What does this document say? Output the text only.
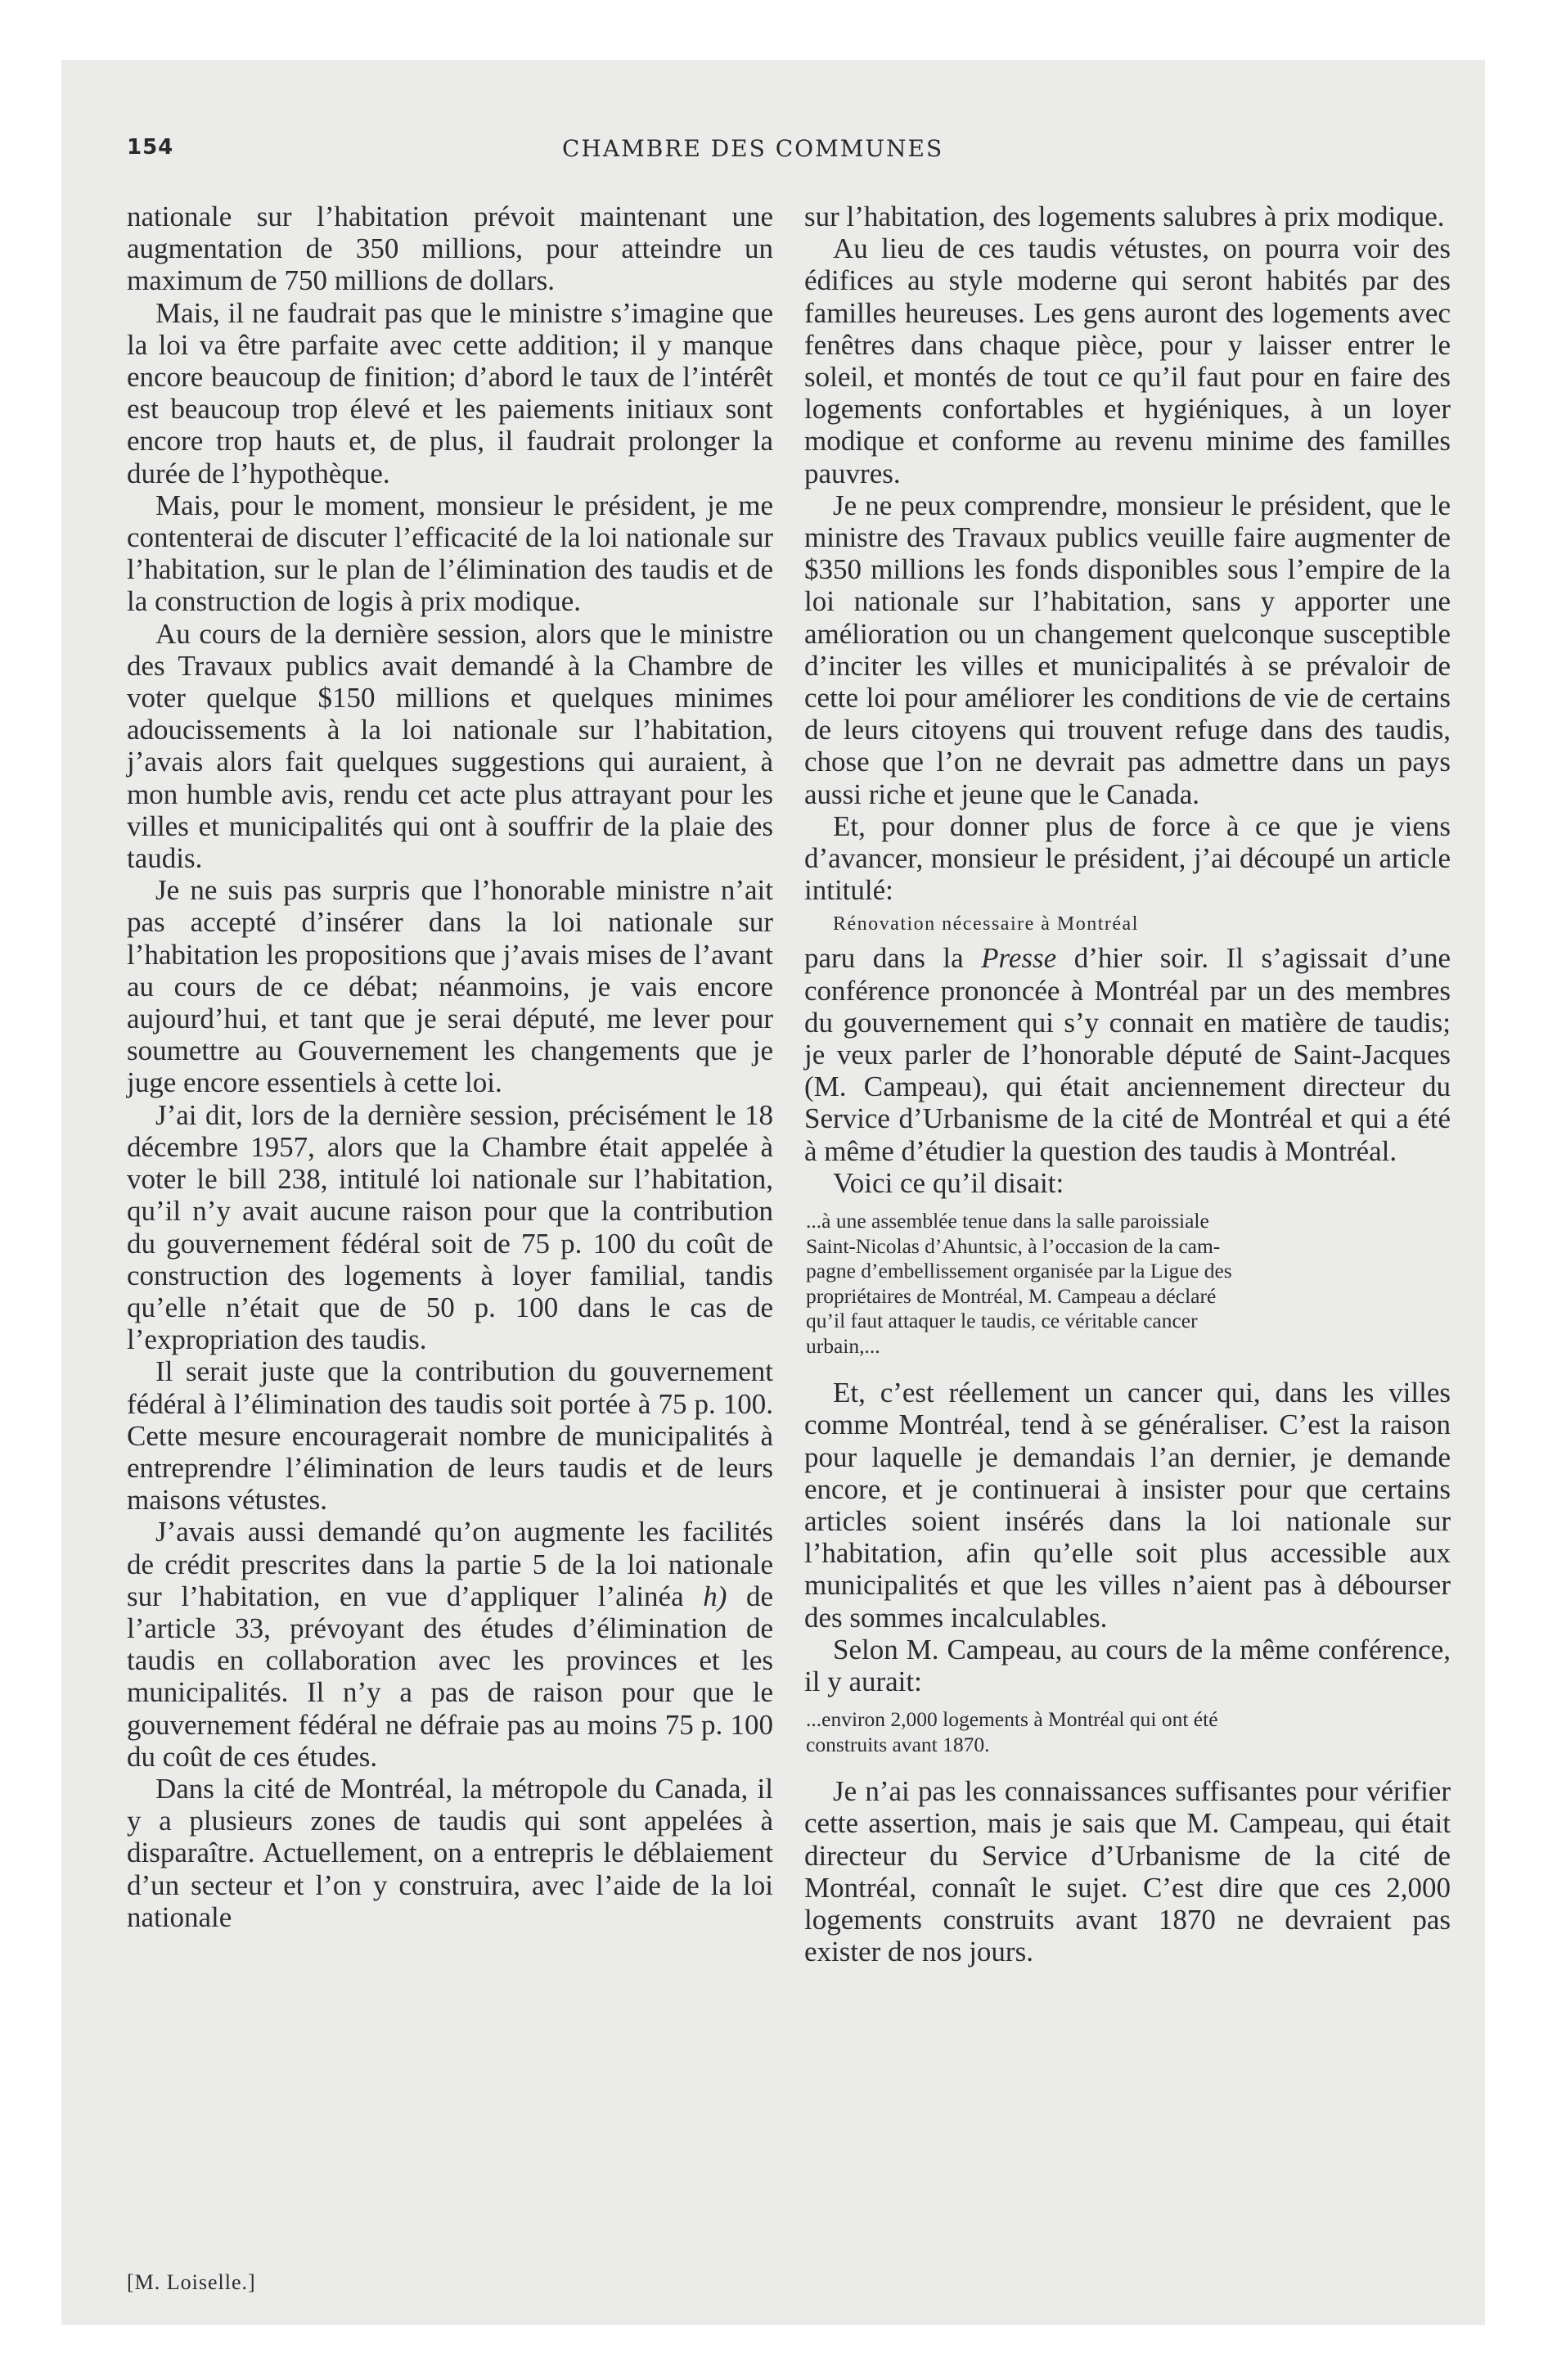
154	CHAMBRE DES COMMUNES

nationale sur l’habitation prévoit maintenant une augmentation de 350 millions, pour atteindre un maximum de 750 millions de dollars.

Mais, il ne faudrait pas que le ministre s’imagine que la loi va être parfaite avec cette addition; il y manque encore beaucoup de finition; d’abord le taux de l’intérêt est beaucoup trop élevé et les paiements initiaux sont encore trop hauts et, de plus, il faudrait prolonger la durée de l’hypothèque.

Mais, pour le moment, monsieur le président, je me contenterai de discuter l’efficacité de la loi nationale sur l’habitation, sur le plan de l’élimination des taudis et de la construction de logis à prix modique.

Au cours de la dernière session, alors que le ministre des Travaux publics avait demandé à la Chambre de voter quelque $150 millions et quelques minimes adoucissements à la loi nationale sur l’habitation, j’avais alors fait quelques suggestions qui auraient, à mon humble avis, rendu cet acte plus attrayant pour les villes et municipalités qui ont à souffrir de la plaie des taudis.

Je ne suis pas surpris que l’honorable ministre n’ait pas accepté d’insérer dans la loi nationale sur l’habitation les propositions que j’avais mises de l’avant au cours de ce débat; néanmoins, je vais encore aujourd’hui, et tant que je serai député, me lever pour soumettre au Gouvernement les changements que je juge encore essentiels à cette loi.

J’ai dit, lors de la dernière session, précisément le 18 décembre 1957, alors que la Chambre était appelée à voter le bill 238, intitulé loi nationale sur l’habitation, qu’il n’y avait aucune raison pour que la contribution du gouvernement fédéral soit de 75 p. 100 du coût de construction des logements à loyer familial, tandis qu’elle n’était que de 50 p. 100 dans le cas de l’expropriation des taudis.

Il serait juste que la contribution du gouvernement fédéral à l’élimination des taudis soit portée à 75 p. 100. Cette mesure encouragerait nombre de municipalités à entreprendre l’élimination de leurs taudis et de leurs maisons vétustes.

J’avais aussi demandé qu’on augmente les facilités de crédit prescrites dans la partie 5 de la loi nationale sur l’habitation, en vue d’appliquer l’alinéa h) de l’article 33, prévoyant des études d’élimination de taudis en collaboration avec les provinces et les municipalités. Il n’y a pas de raison pour que le gouvernement fédéral ne défraie pas au moins 75 p. 100 du coût de ces études.

Dans la cité de Montréal, la métropole du Canada, il y a plusieurs zones de taudis qui sont appelées à disparaître. Actuellement, on a entrepris le déblaiement d’un secteur et l’on y construira, avec l’aide de la loi nationale

sur l’habitation, des logements salubres à prix modique.

Au lieu de ces taudis vétustes, on pourra voir des édifices au style moderne qui seront habités par des familles heureuses. Les gens auront des logements avec fenêtres dans chaque pièce, pour y laisser entrer le soleil, et montés de tout ce qu’il faut pour en faire des logements confortables et hygiéniques, à un loyer modique et conforme au revenu minime des familles pauvres.

Je ne peux comprendre, monsieur le président, que le ministre des Travaux publics veuille faire augmenter de $350 millions les fonds disponibles sous l’empire de la loi nationale sur l’habitation, sans y apporter une amélioration ou un changement quelconque susceptible d’inciter les villes et municipalités à se prévaloir de cette loi pour améliorer les conditions de vie de certains de leurs citoyens qui trouvent refuge dans des taudis, chose que l’on ne devrait pas admettre dans un pays aussi riche et jeune que le Canada.

Et, pour donner plus de force à ce que je viens d’avancer, monsieur le président, j’ai découpé un article intitulé:

Rénovation nécessaire à Montréal

paru dans la Presse d’hier soir. Il s’agissait d’une conférence prononcée à Montréal par un des membres du gouvernement qui s’y connait en matière de taudis; je veux parler de l’honorable député de Saint-Jacques (M. Campeau), qui était anciennement directeur du Service d’Urbanisme de la cité de Montréal et qui a été à même d’étudier la question des taudis à Montréal.

Voici ce qu’il disait:

...à une assemblée tenue dans la salle paroissiale
Saint-Nicolas d’Ahuntsic, à l’occasion de la cam-
pagne d’embellissement organisée par la Ligue des
propriétaires de Montréal, M. Campeau a déclaré
qu’il faut attaquer le taudis, ce véritable cancer
urbain,...

Et, c’est réellement un cancer qui, dans les villes comme Montréal, tend à se généraliser. C’est la raison pour laquelle je demandais l’an dernier, je demande encore, et je continuerai à insister pour que certains articles soient insérés dans la loi nationale sur l’habitation, afin qu’elle soit plus accessible aux municipalités et que les villes n’aient pas à débourser des sommes incalculables.

Selon M. Campeau, au cours de la même conférence, il y aurait:

...environ 2,000 logements à Montréal qui ont été
construits avant 1870.

Je n’ai pas les connaissances suffisantes pour vérifier cette assertion, mais je sais que M. Campeau, qui était directeur du Service d’Urbanisme de la cité de Montréal, connaît le sujet. C’est dire que ces 2,000 logements construits avant 1870 ne devraient pas exister de nos jours.

[M. Loiselle.]
